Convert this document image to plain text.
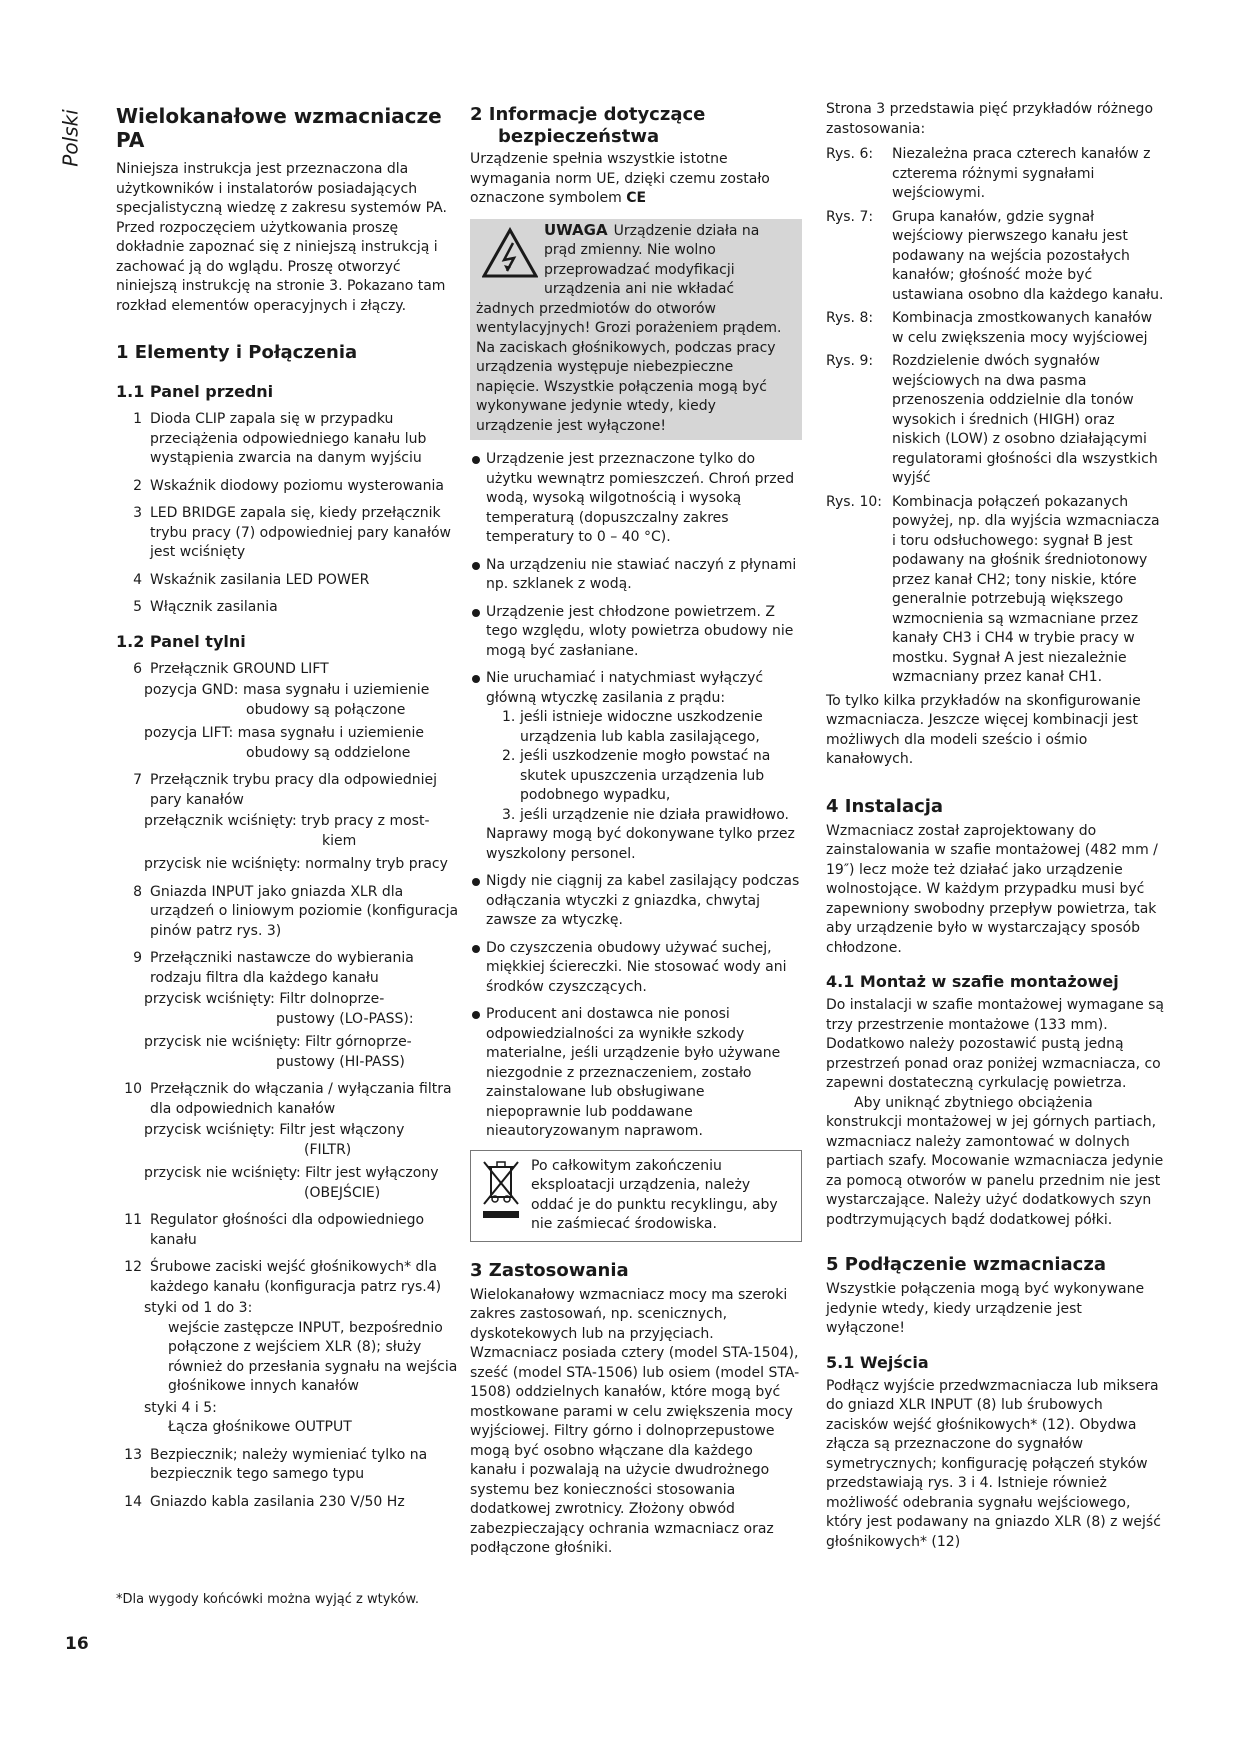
Polski Wielokanałowe wzmacniacze PA

Niniejsza instrukcja jest przeznaczona dla użytkowników i instalatorów posiadających specjalistyczną wiedzę z zakresu systemów PA. Przed rozpoczęciem użytkowania proszę dokładnie zapoznać się z niniejszą instrukcją i zachować ją do wglądu. Proszę otworzyć niniejszą instrukcję na stronie 3. Pokazano tam rozkład elementów operacyjnych i złączy.

1 Elementy i Połączenia
1.1 Panel przedni
1 Dioda CLIP zapala się w przypadku przeciążenia odpowiedniego kanału lub wystąpienia zwarcia na danym wyjściu
2 Wskaźnik diodowy poziomu wysterowania
3 LED BRIDGE zapala się, kiedy przełącznik trybu pracy (7) odpowiedniej pary kanałów jest wciśnięty
4 Wskaźnik zasilania LED POWER
5 Włącznik zasilania
1.2 Panel tylni
6 Przełącznik GROUND LIFT
pozycja GND: masa sygnału i uziemienie
obudowy są połączone
pozycja LIFT: masa sygnału i uziemienie
obudowy są oddzielone
7 Przełącznik trybu pracy dla odpowiedniej pary kanałów
przełącznik wciśnięty: tryb pracy z most-
kiem
przycisk nie wciśnięty: normalny tryb pracy
8 Gniazda INPUT jako gniazda XLR dla urządzeń o liniowym poziomie (konfiguracja pinów patrz rys. 3)
9 Przełączniki nastawcze do wybierania rodzaju filtra dla każdego kanału
przycisk wciśnięty: Filtr dolnoprze-
pustowy (LO-PASS):
przycisk nie wciśnięty: Filtr górnoprze-
pustowy (HI-PASS)
10 Przełącznik do włączania / wyłączania filtra dla odpowiednich kanałów
przycisk wciśnięty: Filtr jest włączony
(FILTR)
przycisk nie wciśnięty: Filtr jest wyłączony
(OBEJŚCIE)
11 Regulator głośności dla odpowiedniego kanału
12 Śrubowe zaciski wejść głośnikowych* dla każdego kanału (konfiguracja patrz rys.4)
styki od 1 do 3:
wejście zastępcze INPUT, bezpośrednio połączone z wejściem XLR (8); służy również do przesłania sygnału na wejścia głośnikowe innych kanałów
styki 4 i 5:
Łącza głośnikowe OUTPUT
13 Bezpiecznik; należy wymieniać tylko na bezpiecznik tego samego typu
14 Gniazdo kabla zasilania 230 V/50 Hz
2 Informacje dotyczące
bezpieczeństwa

Urządzenie spełnia wszystkie istotne wymagania norm UE, dzięki czemu zostało oznaczone symbolem CE

UWAGA Urządzenie działa na prąd zmienny. Nie wolno przeprowadzać modyfikacji urządzenia ani nie wkładać żadnych przedmiotów do otworów wentylacyjnych! Grozi porażeniem prądem.

Na zaciskach głośnikowych, podczas pracy urządzenia występuje niebezpieczne napięcie. Wszystkie połączenia mogą być wykonywane jedynie wtedy, kiedy urządzenie jest wyłączone!

Urządzenie jest przeznaczone tylko do użytku wewnątrz pomieszczeń. Chroń przed wodą, wysoką wilgotnością i wysoką temperaturą (dopuszczalny zakres temperatury to 0 – 40 °C).
Na urządzeniu nie stawiać naczyń z płynami np. szklanek z wodą.
Urządzenie jest chłodzone powietrzem. Z tego względu, wloty powietrza obudowy nie mogą być zasłaniane.
Nie uruchamiać i natychmiast wyłączyć główną wtyczkę zasilania z prądu:
1. jeśli istnieje widoczne uszkodzenie urządzenia lub kabla zasilającego,
2. jeśli uszkodzenie mogło powstać na skutek upuszczenia urządzenia lub podobnego wypadku,
3. jeśli urządzenie nie działa prawidłowo.
Naprawy mogą być dokonywane tylko przez wyszkolony personel.
Nigdy nie ciągnij za kabel zasilający podczas odłączania wtyczki z gniazdka, chwytaj zawsze za wtyczkę.
Do czyszczenia obudowy używać suchej, miękkiej ściereczki. Nie stosować wody ani środków czyszczących.
Producent ani dostawca nie ponosi odpowiedzialności za wynikłe szkody materialne, jeśli urządzenie było używane niezgodnie z przeznaczeniem, zostało zainstalowane lub obsługiwane niepoprawnie lub poddawane nieautoryzowanym naprawom.
Po całkowitym zakończeniu eksploatacji urządzenia, należy oddać je do punktu recyklingu, aby nie zaśmiecać środowiska.
3 Zastosowania

Wielokanałowy wzmacniacz mocy ma szeroki zakres zastosowań, np. scenicznych, dyskotekowych lub na przyjęciach. Wzmacniacz posiada cztery (model STA-1504), sześć (model STA-1506) lub osiem (model STA-1508) oddzielnych kanałów, które mogą być mostkowane parami w celu zwiększenia mocy wyjściowej. Filtry górno i dolnoprzepustowe mogą być osobno włączane dla każdego kanału i pozwalają na użycie dwudrożnego systemu bez konieczności stosowania dodatkowej zwrotnicy. Złożony obwód zabezpieczający ochrania wzmacniacz oraz podłączone głośniki.

Strona 3 przedstawia pięć przykładów różnego zastosowania:

Rys. 6:	Niezależna praca czterech kanałów z czterema różnymi sygnałami wejściowymi.
Rys. 7:	Grupa kanałów, gdzie sygnał wejściowy pierwszego kanału jest podawany na wejścia pozostałych kanałów; głośność może być ustawiana osobno dla każdego kanału.
Rys. 8:	Kombinacja zmostkowanych kanałów w celu zwiększenia mocy wyjściowej
Rys. 9:	Rozdzielenie dwóch sygnałów wejściowych na dwa pasma przenoszenia oddzielnie dla tonów wysokich i średnich (HIGH) oraz niskich (LOW) z osobno działającymi regulatorami głośności dla wszystkich wyjść
Rys. 10: Kombinacja połączeń pokazanych powyżej, np. dla wyjścia wzmacniacza i toru odsłuchowego: sygnał B jest podawany na głośnik średniotonowy przez kanał CH2; tony niskie, które generalnie potrzebują większego wzmocnienia są wzmacniane przez kanały CH3 i CH4 w trybie pracy w mostku. Sygnał A jest niezależnie wzmacniany przez kanał CH1.

To tylko kilka przykładów na skonfigurowanie wzmacniacza. Jeszcze więcej kombinacji jest możliwych dla modeli sześcio i ośmio kanałowych.

4 Instalacja

Wzmacniacz został zaprojektowany do zainstalowania w szafie montażowej (482 mm / 19″) lecz może też działać jako urządzenie wolnostojące. W każdym przypadku musi być zapewniony swobodny przepływ powietrza, tak aby urządzenie było w wystarczający sposób chłodzone.

4.1 Montaż w szafie montażowej

Do instalacji w szafie montażowej wymagane są trzy przestrzenie montażowe (133 mm). Dodatkowo należy pozostawić pustą jedną przestrzeń ponad oraz poniżej wzmacniacza, co zapewni dostateczną cyrkulację powietrza.

Aby uniknąć zbytniego obciążenia konstrukcji montażowej w jej górnych partiach, wzmacniacz należy zamontować w dolnych partiach szafy. Mocowanie wzmacniacza jedynie za pomocą otworów w panelu przednim nie jest wystarczające. Należy użyć dodatkowych szyn podtrzymujących bądź dodatkowej półki.

5 Podłączenie wzmacniacza

Wszystkie połączenia mogą być wykonywane jedynie wtedy, kiedy urządzenie jest wyłączone!

5.1 Wejścia

Podłącz wyjście przedwzmacniacza lub miksera do gniazd XLR INPUT (8) lub śrubowych zacisków wejść głośnikowych* (12). Obydwa złącza są przeznaczone do sygnałów symetrycznych; konfigurację połączeń styków przedstawiają rys. 3 i 4. Istnieje również możliwość odebrania sygnału wejściowego, który jest podawany na gniazdo XLR (8) z wejść głośnikowych* (12)

*Dla wygody końcówki można wyjąć z wtyków.
16
